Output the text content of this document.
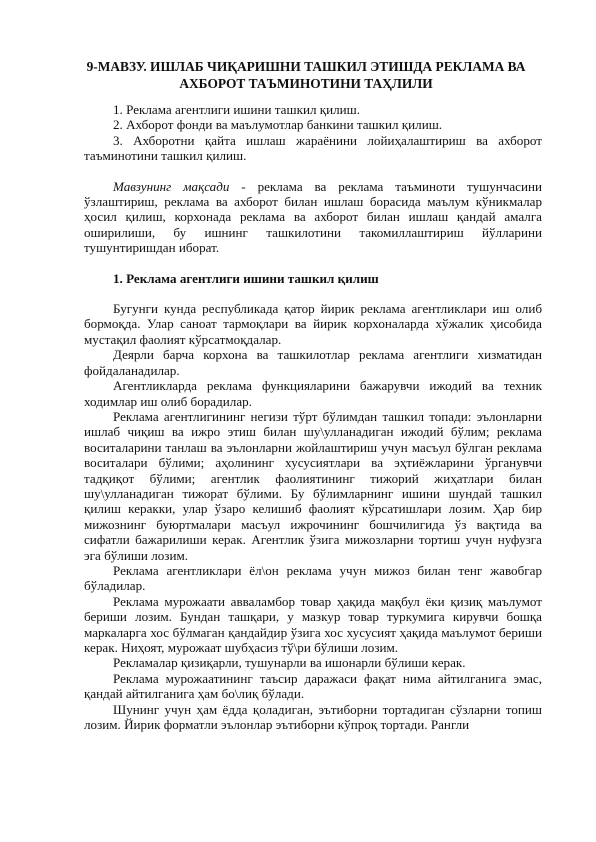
9-МАВЗУ. ИШЛАБ ЧИҚАРИШНИ ТАШКИЛ ЭТИШДА РЕКЛАМА ВА
АХБОРОТ ТАЪМИНОТИНИ ТАҲЛИЛИ

1. Реклама агентлиги ишини ташкил қилиш.

2. Ахборот фонди ва маълумотлар банкини ташкил қилиш.

3. Ахборотни қайта ишлаш жараёнини лойиҳалаштириш ва ахборот таъминотини ташкил қилиш.

Мавзунинг мақсади - реклама ва реклама таъминоти тушунчасини ўзлаштириш, реклама ва ахборот билан ишлаш борасида маълум кўникмалар ҳосил қилиш, корхонада реклама ва ахборот билан ишлаш қандай амалга оширилиши, бу ишнинг ташкилотини такомиллаштириш йўлларини тушунтиришдан иборат.

1. Реклама агентлиги ишини ташкил қилиш

Бугунги кунда республикада қатор йирик реклама агентликлари иш олиб бормоқда. Улар саноат тармоқлари ва йирик корхоналарда хўжалик ҳисобида мустақил фаолият кўрсатмоқдалар.

Деярли барча корхона ва ташкилотлар реклама агентлиги хизматидан фойдаланадилар.

Агентликларда реклама функцияларини бажарувчи ижодий ва техник ходимлар иш олиб борадилар.

Реклама агентлигининг негизи тўрт бўлимдан ташкил топади: эълонларни ишлаб чиқиш ва ижро этиш билан шу\улланадиган ижодий бўлим; реклама воситаларини танлаш ва эълонларни жойлаштириш учун масъул бўлган реклама воситалари бўлими; аҳолининг хусусиятлари ва эҳтиёжларини ўрганувчи тадқиқот бўлими; агентлик фаолиятининг тижорий жиҳатлари билан шу\улланадиган тижорат бўлими. Бу бўлимларнинг ишини шундай ташкил қилиш керакки, улар ўзаро келишиб фаолият кўрсатишлари лозим. Ҳар бир мижознинг буюртмалари масъул ижрочининг бошчилигида ўз вақтида ва сифатли бажарилиши керак. Агентлик ўзига мижозларни тортиш учун нуфузга эга бўлиши лозим.

Реклама агентликлари ёл\он реклама учун мижоз билан тенг жавобгар бўладилар.

Реклама мурожаати авваламбор товар ҳақида мақбул ёки қизиқ маълумот бериши лозим. Бундан ташқари, у мазкур товар туркумига кирувчи бошқа маркаларга хос бўлмаган қандайдир ўзига хос хусусият ҳақида маълумот бериши керак. Ниҳоят, мурожаат шубҳасиз тў\ри бўлиши лозим.

Рекламалар қизиқарли, тушунарли ва ишонарли бўлиши керак.

Реклама мурожаатининг таъсир даражаси фақат нима айтилганига эмас, қандай айтилганига ҳам бо\лиқ бўлади.

Шунинг учун ҳам ёдда қоладиган, эътиборни тортадиган сўзларни топиш лозим. Йирик форматли эълонлар эътиборни кўпроқ тортади. Рангли
